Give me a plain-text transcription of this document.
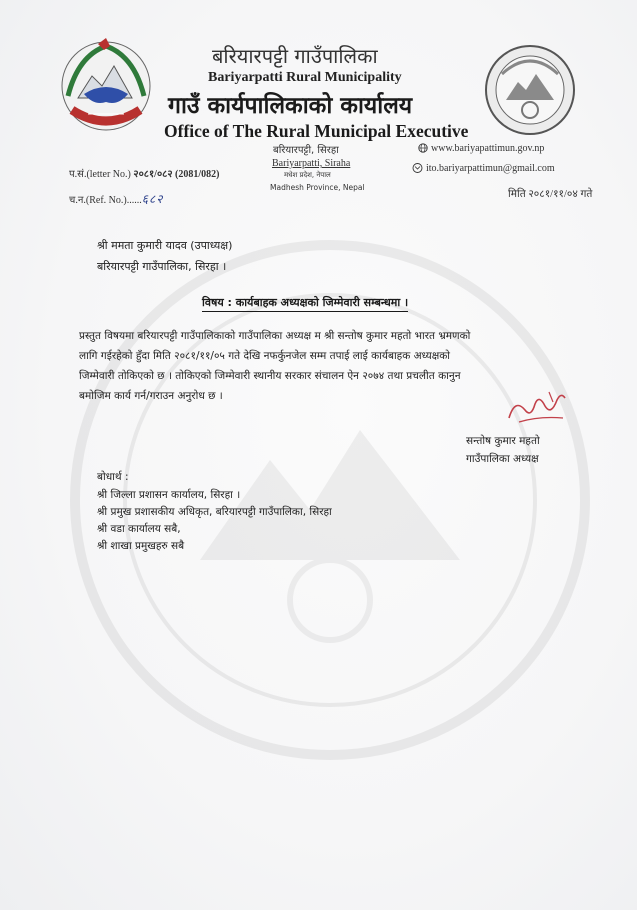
बरियारपट्टी गाउँपालिका
Bariyarpatti Rural Municipality
गाउँ कार्यपालिकाको कार्यालय
Office of The Rural Municipal Executive
बरियारपट्टी, सिरहा
Bariyarpatti, Siraha
मधेश प्रदेश, नेपाल
Madhesh Province, Nepal
www.bariyapattimun.gov.np
ito.bariyarpattimun@gmail.com
प.सं.(letter No.) २०८१/०८२ (2081/082)
च.न.(Ref. No.)......६८२	मिति २०८१/११/०४ गते
श्री ममता कुमारी यादव (उपाध्यक्ष)
बरियारपट्टी गाउँपालिका, सिरहा ।
विषय : कार्यबाहक अध्यक्षको जिम्मेवारी सम्बन्धमा ।
प्रस्तुत विषयमा बरियारपट्टी गाउँपालिकाको गाउँपालिका अध्यक्ष म श्री सन्तोष कुमार महतो भारत भ्रमणको
लागि गईरहेको हुँदा मिति २०८१/११/०५ गते देखि नफर्कुनजेल सम्म तपाई लाई कार्यबाहक अध्यक्षको
जिम्मेवारी तोकिएको छ । तोकिएको जिम्मेवारी स्थानीय सरकार संचालन ऐन २०७४ तथा प्रचलीत कानुन
बमोजिम कार्य गर्न/गराउन अनुरोध छ ।
सन्तोष कुमार महतो
गाउँपालिका अध्यक्ष
बोधार्थ :
श्री जिल्ला प्रशासन कार्यालय, सिरहा ।
श्री प्रमुख प्रशासकीय अधिकृत, बरियारपट्टी गाउँपालिका, सिरहा
श्री वडा कार्यालय सबै,
श्री शाखा प्रमुखहरु सबै
